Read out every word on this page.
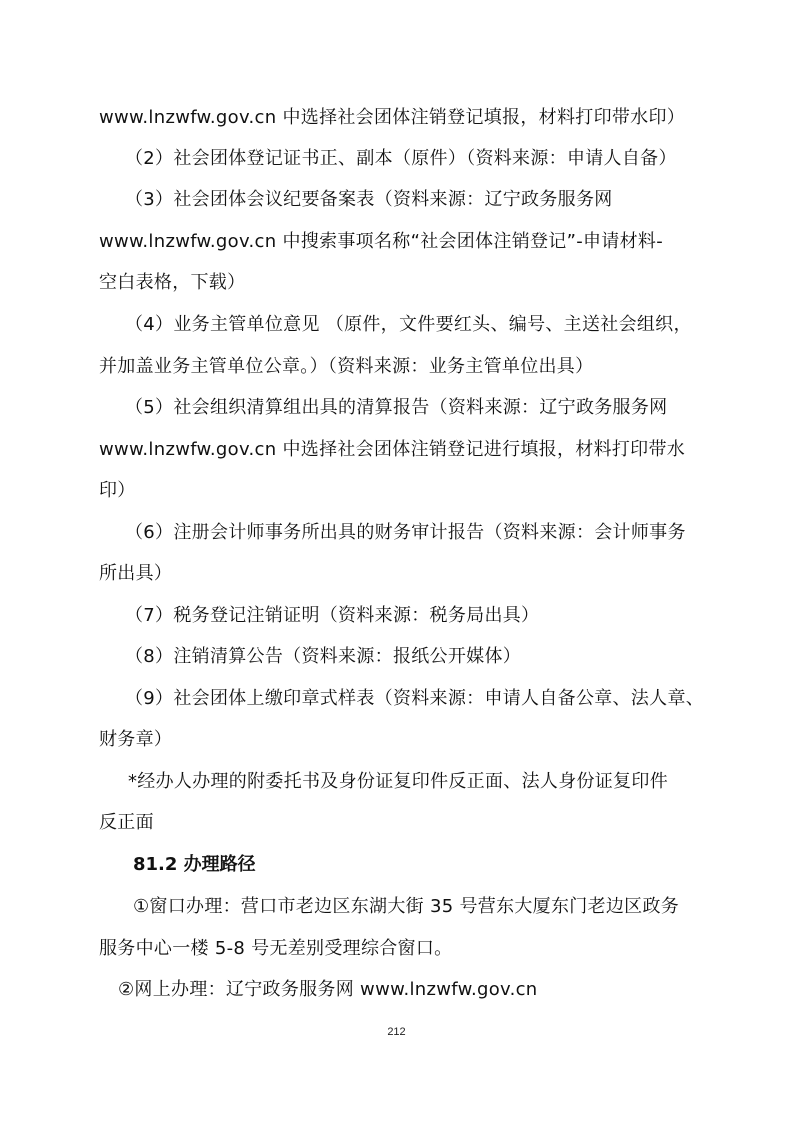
www.lnzwfw.gov.cn 中选择社会团体注销登记填报，材料打印带水印）
（2）社会团体登记证书正、副本（原件）（资料来源：申请人自备）
（3）社会团体会议纪要备案表（资料来源：辽宁政务服务网
www.lnzwfw.gov.cn 中搜索事项名称“社会团体注销登记”-申请材料-
空白表格，下载）
（4）业务主管单位意见 （原件，文件要红头、编号、主送社会组织，
并加盖业务主管单位公章。）（资料来源：业务主管单位出具）
（5）社会组织清算组出具的清算报告（资料来源：辽宁政务服务网
www.lnzwfw.gov.cn 中选择社会团体注销登记进行填报，材料打印带水
印）
（6）注册会计师事务所出具的财务审计报告（资料来源：会计师事务
所出具）
（7）税务登记注销证明（资料来源：税务局出具）
（8）注销清算公告（资料来源：报纸公开媒体）
（9）社会团体上缴印章式样表（资料来源：申请人自备公章、法人章、
财务章）
*经办人办理的附委托书及身份证复印件反正面、法人身份证复印件
反正面
81.2 办理路径
①窗口办理：营口市老边区东湖大街 35 号营东大厦东门老边区政务
服务中心一楼 5-8 号无差别受理综合窗口。
②网上办理：辽宁政务服务网 www.lnzwfw.gov.cn
212
